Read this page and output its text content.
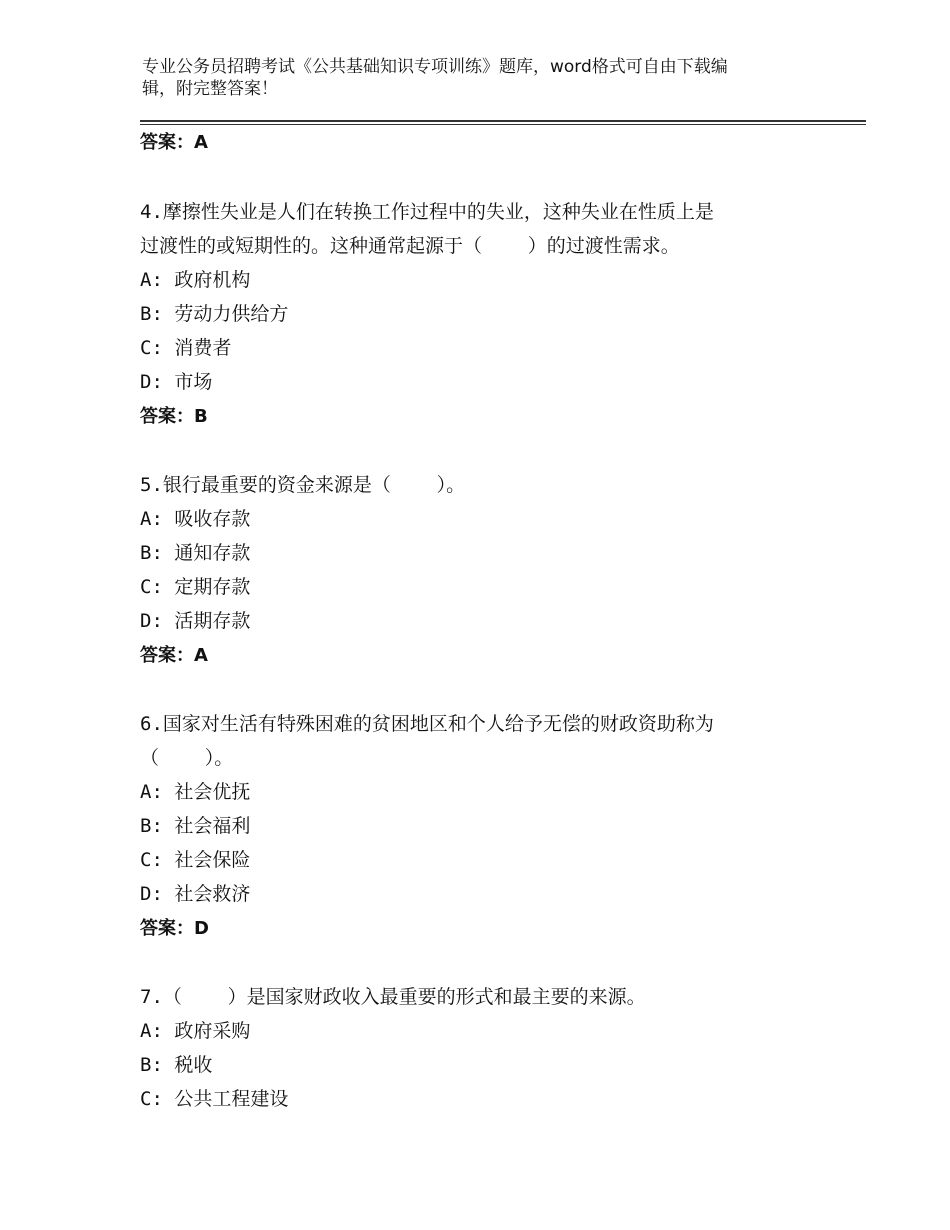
专业公务员招聘考试《公共基础知识专项训练》题库，word格式可自由下载编
辑，附完整答案！
答案：A
4.摩擦性失业是人们在转换工作过程中的失业，这种失业在性质上是
过渡性的或短期性的。这种通常起源于（    ）的过渡性需求。
A: 政府机构
B: 劳动力供给方
C: 消费者
D: 市场
答案：B
5.银行最重要的资金来源是（    ）。
A: 吸收存款
B: 通知存款
C: 定期存款
D: 活期存款
答案：A
6.国家对生活有特殊困难的贫困地区和个人给予无偿的财政资助称为
（    ）。
A: 社会优抚
B: 社会福利
C: 社会保险
D: 社会救济
答案：D
7.（    ）是国家财政收入最重要的形式和最主要的来源。
A: 政府采购
B: 税收
C: 公共工程建设
